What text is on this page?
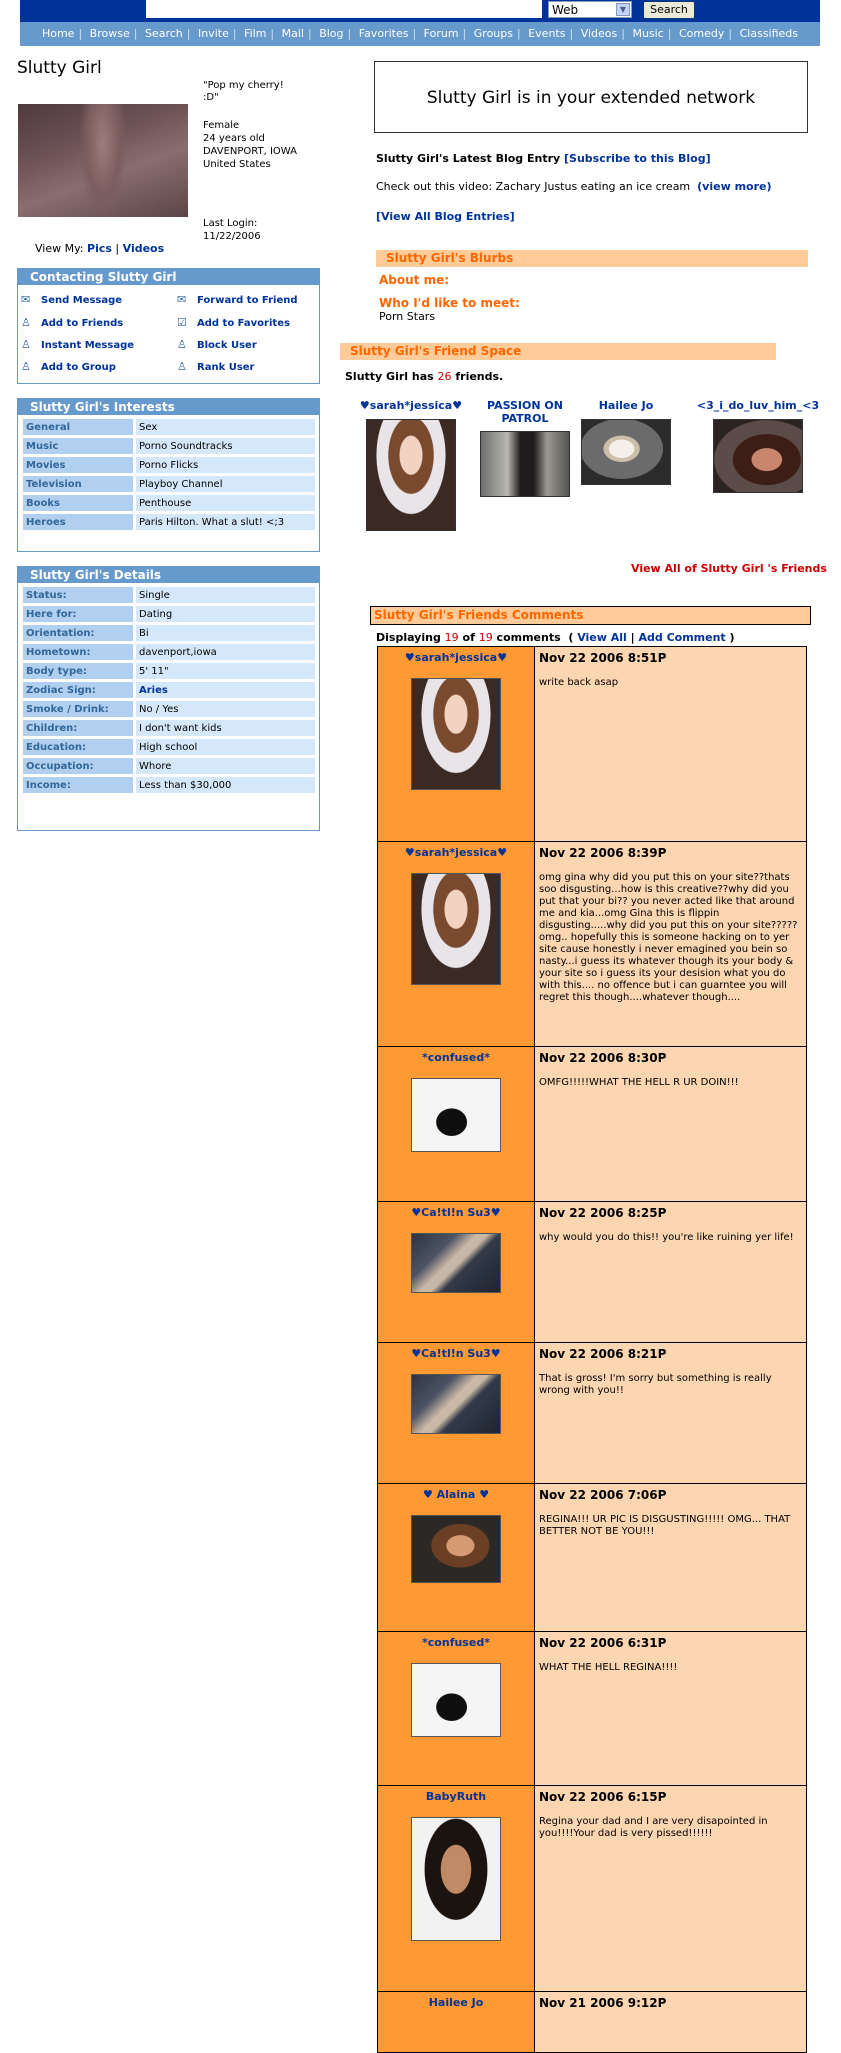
Web	▼	Search
Home | Browse | Search | Invite | Film | Mail | Blog | Favorites | Forum | Groups | Events | Videos | Music | Comedy | Classifieds
Slutty Girl
"Pop my cherry! :D"
Female
24 years old
DAVENPORT, IOWA
United States
Last Login: 11/22/2006
View My: Pics | Videos
Contacting Slutty Girl
✉ Send Message	✉ Forward to Friend
♙ Add to Friends	☑ Add to Favorites
♙ Instant Message	♙ Block User
♙ Add to Group	♙ Rank User
Slutty Girl's Interests
General	Sex
Music	Porno Soundtracks
Movies	Porno Flicks
Television	Playboy Channel
Books	Penthouse
Heroes	Paris Hilton. What a slut! <;3
Slutty Girl's Details
Status:	Single
Here for:	Dating
Orientation:	Bi
Hometown:	davenport,iowa
Body type:	5' 11"
Zodiac Sign:	Aries
Smoke / Drink:	No / Yes
Children:	I don't want kids
Education:	High school
Occupation:	Whore
Income:	Less than $30,000
Slutty Girl is in your extended network
Slutty Girl's Latest Blog Entry [Subscribe to this Blog]
Check out this video: Zachary Justus eating an ice cream (view more)
[View All Blog Entries]
Slutty Girl's Blurbs
About me:
Who I'd like to meet:
Porn Stars
Slutty Girl's Friend Space
Slutty Girl has 26 friends.
♥sarah*jessica♥	PASSION ON PATROL
Hailee Jo	<3_i_do_luv_him_<3
View All of Slutty Girl 's Friends
Slutty Girl's Friends Comments
Displaying 19 of 19 comments  ( View All | Add Comment )
♥sarah*jessica♥	Nov 22 2006 8:51P
write back asap
♥sarah*jessica♥	Nov 22 2006 8:39P
omg gina why did you put this on your site??thats soo disgusting...how is this creative??why did you put that your bi?? you never acted like that around me and kia...omg Gina this is flippin disgusting.....why did you put this on your site?????omg.. hopefully this is someone hacking on to yer site cause honestly i never emagined you bein so nasty...i guess its whatever though its your body & your site so i guess its your desision what you do with this.... no offence but i can guarntee you will regret this though....whatever though....
*confused*	Nov 22 2006 8:30P
OMFG!!!!!WHAT THE HELL R UR DOIN!!!
♥Ca!tl!n Su3♥	Nov 22 2006 8:25P
why would you do this!! you're like ruining yer life!
♥Ca!tl!n Su3♥	Nov 22 2006 8:21P
That is gross! I'm sorry but something is really wrong with you!!
♥ Alaina ♥	Nov 22 2006 7:06P
REGINA!!! UR PIC IS DISGUSTING!!!!! OMG... THAT BETTER NOT BE YOU!!!
*confused*	Nov 22 2006 6:31P
WHAT THE HELL REGINA!!!!
BabyRuth	Nov 22 2006 6:15P
Regina your dad and I are very disapointed in you!!!!Your dad is very pissed!!!!!!
Hailee Jo	Nov 21 2006 9:12P
